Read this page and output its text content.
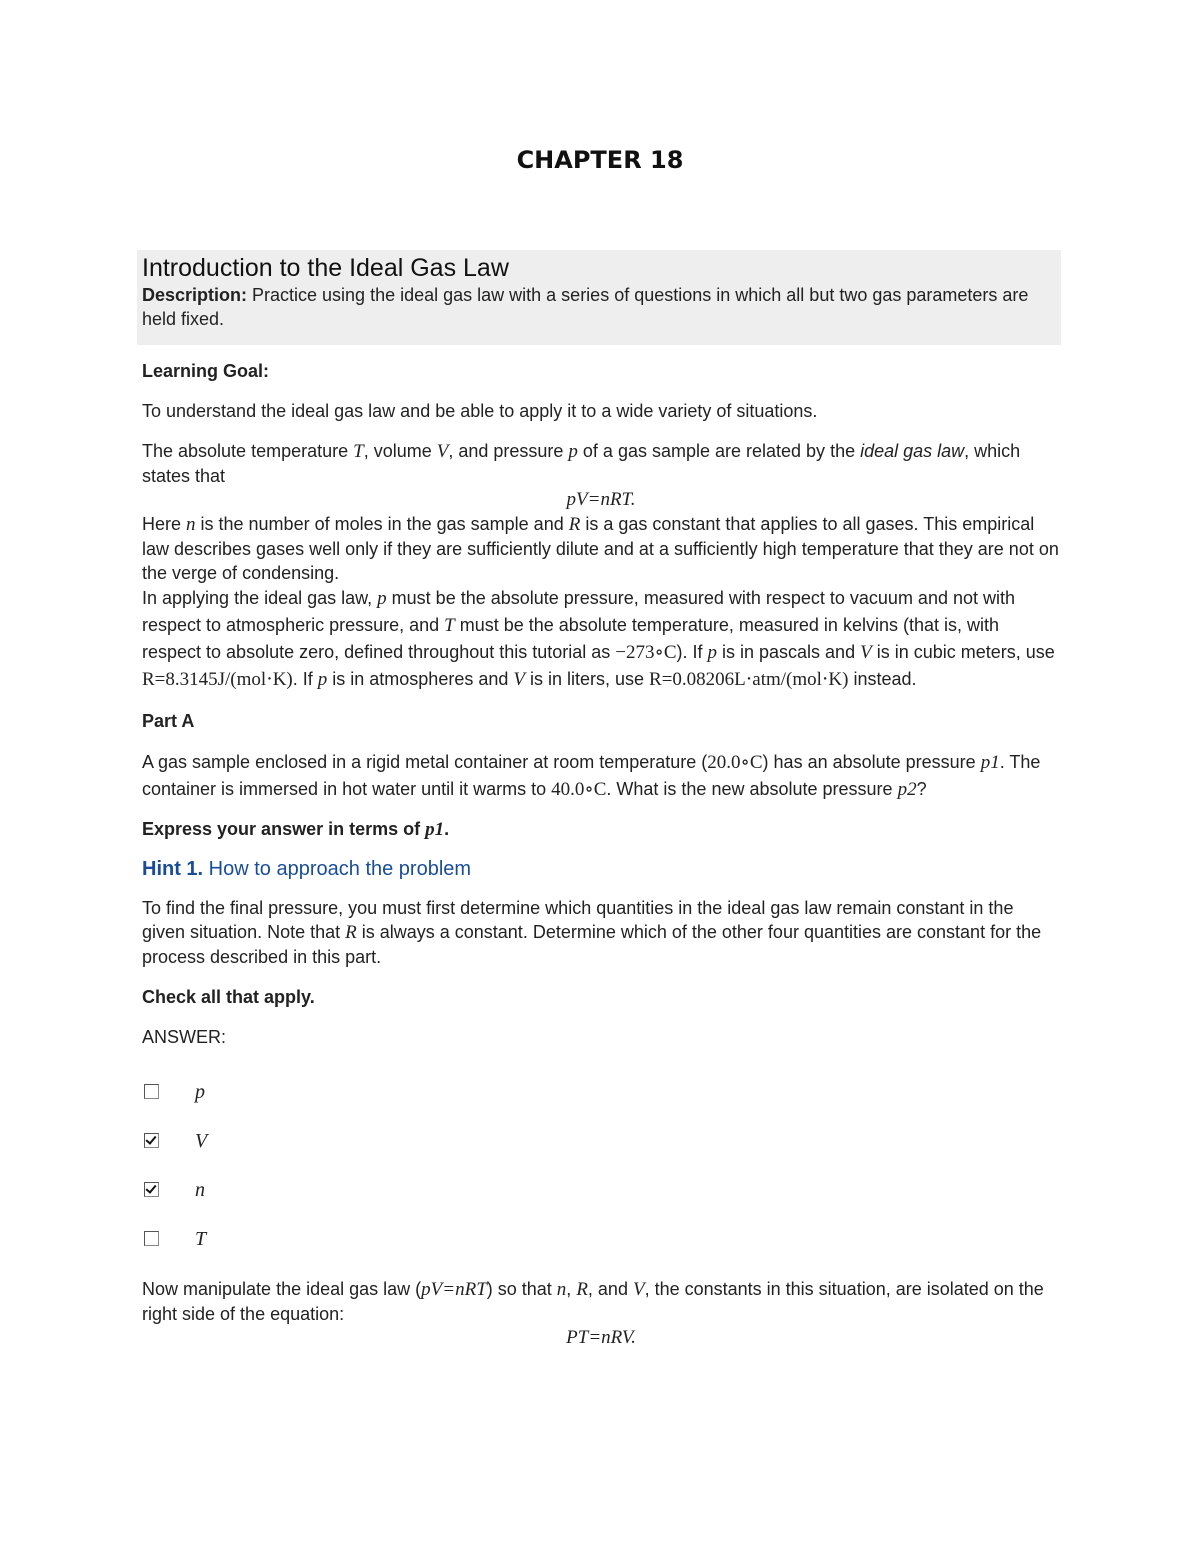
CHAPTER 18
Introduction to the Ideal Gas Law

Description: Practice using the ideal gas law with a series of questions in which all but two gas parameters are held fixed.

Learning Goal:

To understand the ideal gas law and be able to apply it to a wide variety of situations.

The absolute temperature T, volume V, and pressure p of a gas sample are related by the ideal gas law, which states that

pV=nRT.

Here n is the number of moles in the gas sample and R is a gas constant that applies to all gases. This empirical law describes gases well only if they are sufficiently dilute and at a sufficiently high temperature that they are not on the verge of condensing.

In applying the ideal gas law, p must be the absolute pressure, measured with respect to vacuum and not with respect to atmospheric pressure, and T must be the absolute temperature, measured in kelvins (that is, with respect to absolute zero, defined throughout this tutorial as −273∘C). If p is in pascals and V is in cubic meters, use R=8.3145J/(mol⋅K). If p is in atmospheres and V is in liters, use R=0.08206L⋅atm/(mol⋅K) instead.

Part A

A gas sample enclosed in a rigid metal container at room temperature (20.0∘C) has an absolute pressure p1. The container is immersed in hot water until it warms to 40.0∘C. What is the new absolute pressure p2?

Express your answer in terms of p1.

Hint 1. How to approach the problem

To find the final pressure, you must first determine which quantities in the ideal gas law remain constant in the given situation. Note that R is always a constant. Determine which of the other four quantities are constant for the process described in this part.

Check all that apply.

ANSWER:

p
V
n
T

Now manipulate the ideal gas law (pV=nRT) so that n, R, and V, the constants in this situation, are isolated on the right side of the equation:

PT=nRV.
